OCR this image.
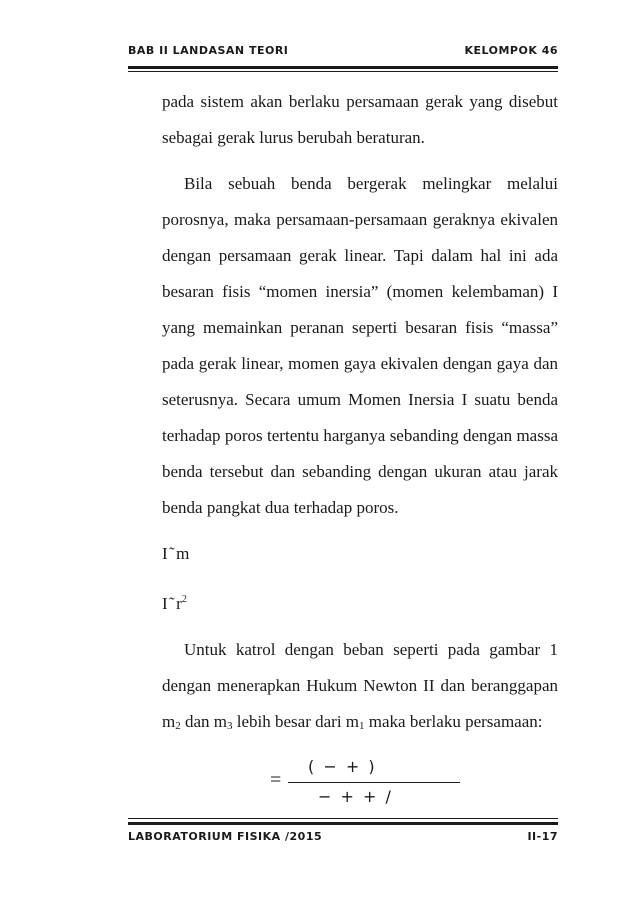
BAB II LANDASAN TEORI	KELOMPOK 46

pada sistem akan berlaku persamaan gerak yang disebut sebagai gerak lurus berubah beraturan.

Bila sebuah benda bergerak melingkar melalui porosnya, maka persamaan-persamaan geraknya ekivalen dengan persamaan gerak linear. Tapi dalam hal ini ada besaran fisis “momen inersia” (momen kelembaman) I yang memainkan peranan seperti besaran fisis “massa” pada gerak linear, momen gaya ekivalen dengan gaya dan seterusnya. Secara umum Momen Inersia I suatu benda terhadap poros tertentu harganya sebanding dengan massa benda tersebut dan sebanding dengan ukuran atau jarak benda pangkat dua terhadap poros.

I ͂ m

I ͂ $r^2$

Untuk katrol dengan beban seperti pada gambar 1 dengan menerapkan Hukum Newton II dan beranggapan $m_2$ dan $m_3$ lebih besar dari $m_1$ maka berlaku persamaan:

=
( − + )
− + + /
LABORATORIUM FISIKA /2015	II-17
